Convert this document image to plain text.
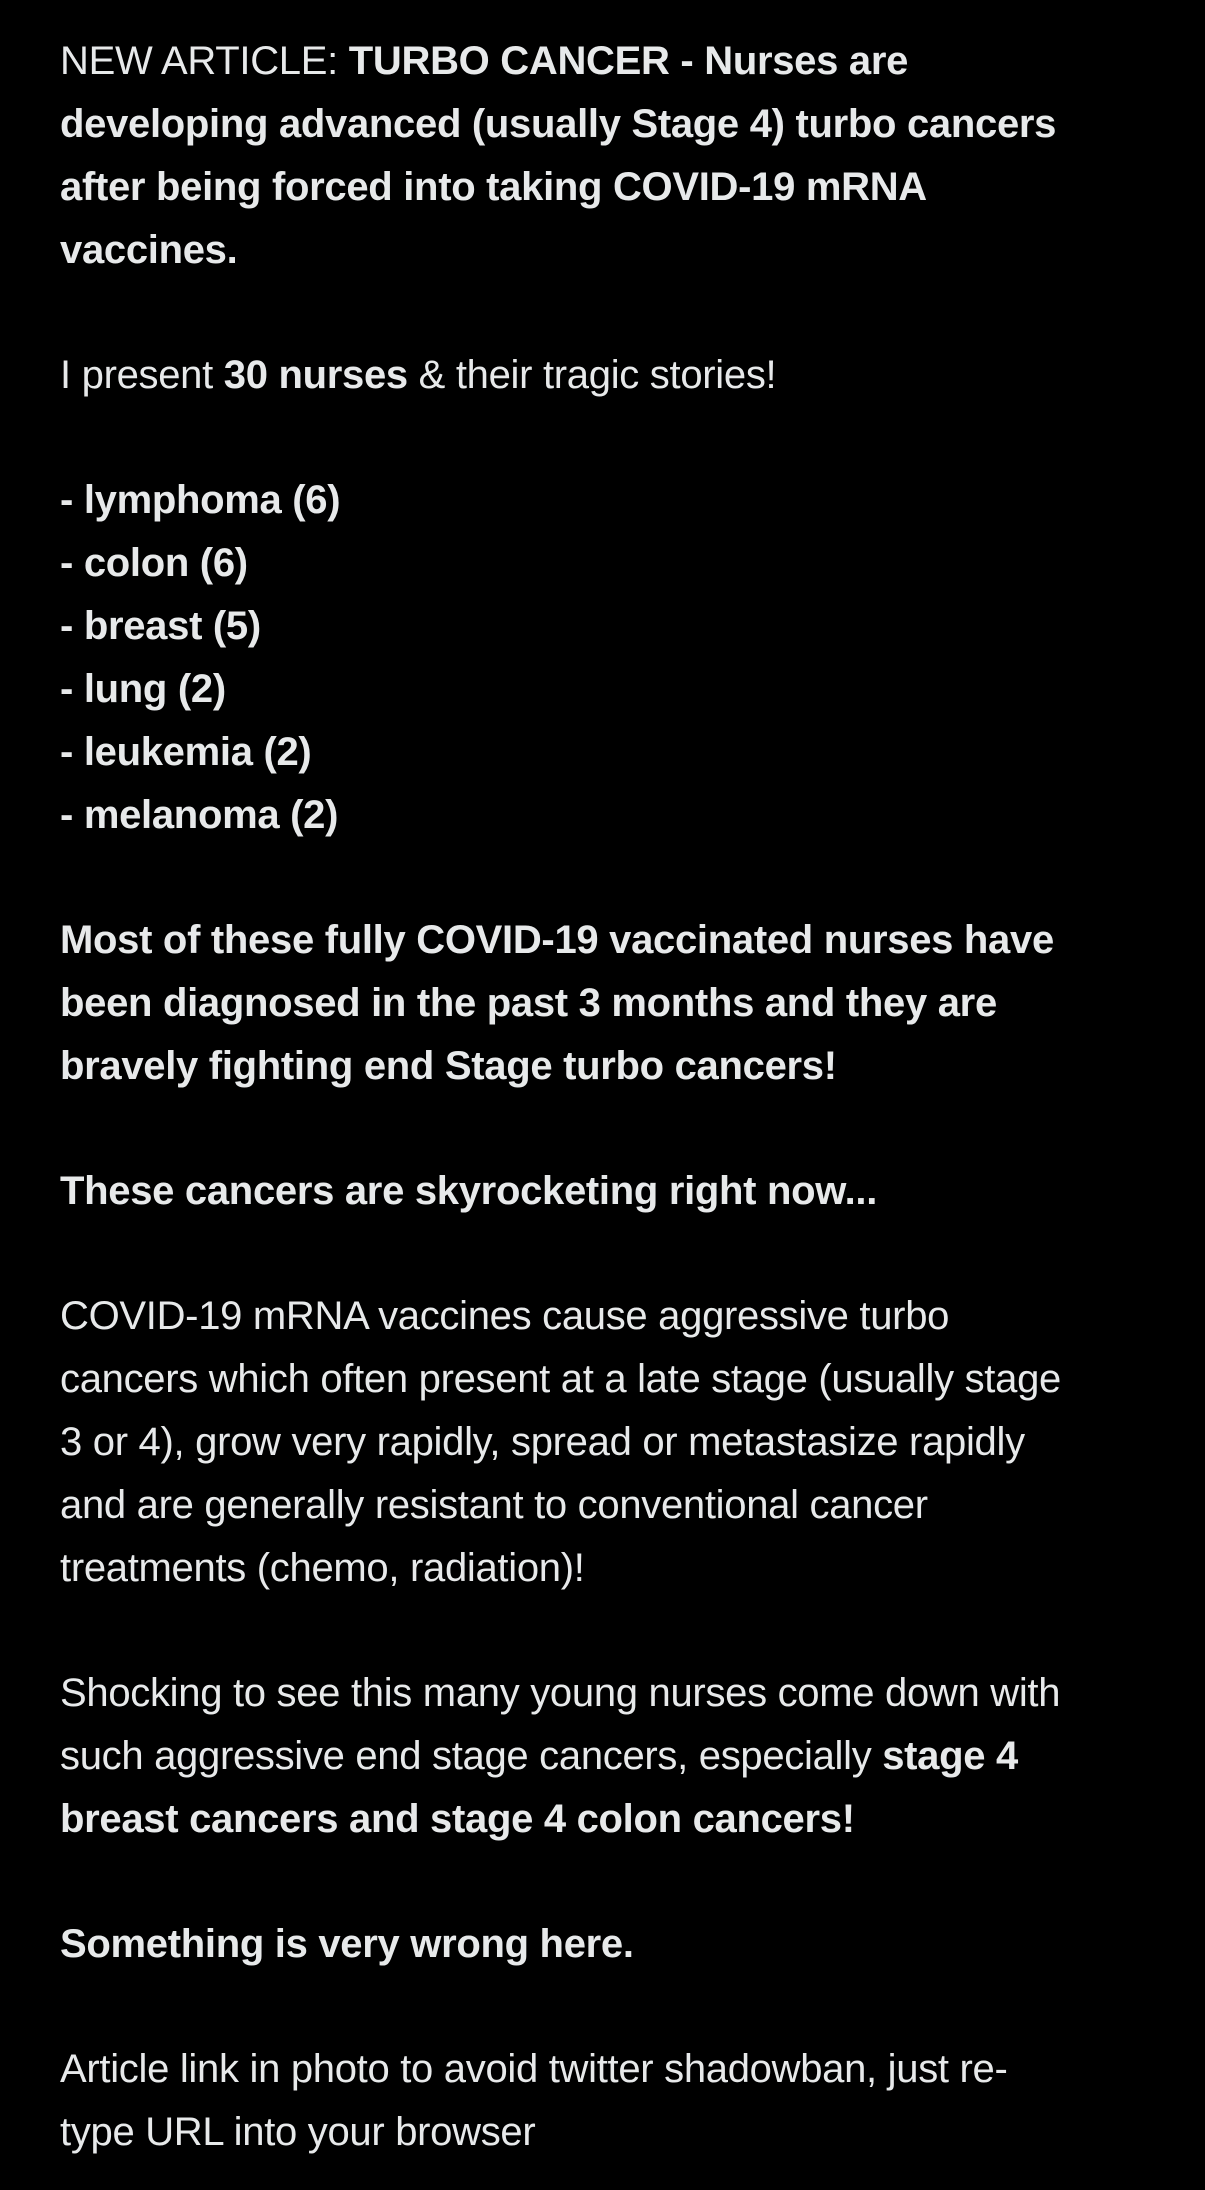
NEW ARTICLE: TURBO CANCER - Nurses are
developing advanced (usually Stage 4) turbo cancers
after being forced into taking COVID-19 mRNA
vaccines.

I present 30 nurses & their tragic stories!

- lymphoma (6)
- colon (6)
- breast (5)
- lung (2)
- leukemia (2)
- melanoma (2)

Most of these fully COVID-19 vaccinated nurses have
been diagnosed in the past 3 months and they are
bravely fighting end Stage turbo cancers!

These cancers are skyrocketing right now...

COVID-19 mRNA vaccines cause aggressive turbo
cancers which often present at a late stage (usually stage
3 or 4), grow very rapidly, spread or metastasize rapidly
and are generally resistant to conventional cancer
treatments (chemo, radiation)!

Shocking to see this many young nurses come down with
such aggressive end stage cancers, especially stage 4
breast cancers and stage 4 colon cancers!

Something is very wrong here.

Article link in photo to avoid twitter shadowban, just re-
type URL into your browser
